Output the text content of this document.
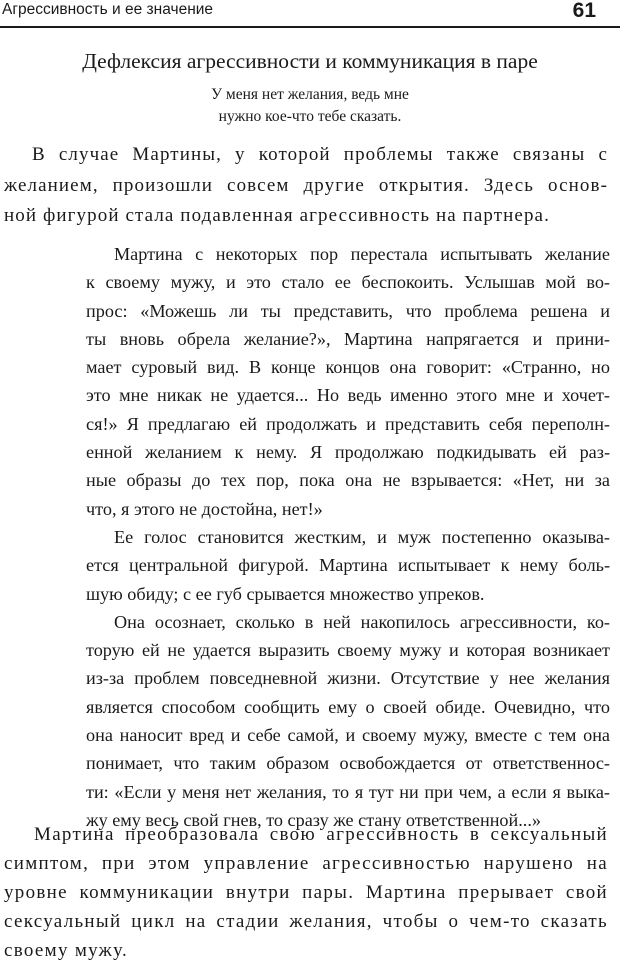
Агрессивность и ее значение	61
Дефлексия агрессивности и коммуникация в паре
У меня нет желания, ведь мне
нужно кое-что тебе сказать.
В случае Мартины, у которой проблемы также связаны с
желанием, произошли совсем другие открытия. Здесь основ-
ной фигурой стала подавленная агрессивность на партнера.
Мартина с некоторых пор перестала испытывать желание
к своему мужу, и это стало ее беспокоить. Услышав мой во-
прос: «Можешь ли ты представить, что проблема решена и
ты вновь обрела желание?», Мартина напрягается и прини-
мает суровый вид. В конце концов она говорит: «Странно, но
это мне никак не удается... Но ведь именно этого мне и хочет-
ся!» Я предлагаю ей продолжать и представить себя переполн-
енной желанием к нему. Я продолжаю подкидывать ей раз-
ные образы до тех пор, пока она не взрывается: «Нет, ни за
что, я этого не достойна, нет!»
Ее голос становится жестким, и муж постепенно оказыва-
ется центральной фигурой. Мартина испытывает к нему боль-
шую обиду; с ее губ срывается множество упреков.
Она осознает, сколько в ней накопилось агрессивности, ко-
торую ей не удается выразить своему мужу и которая возникает
из-за проблем повседневной жизни. Отсутствие у нее желания
является способом сообщить ему о своей обиде. Очевидно, что
она наносит вред и себе самой, и своему мужу, вместе с тем она
понимает, что таким образом освобождается от ответственнос-
ти: «Если у меня нет желания, то я тут ни при чем, а если я выка-
жу ему весь свой гнев, то сразу же стану ответственной...»
Мартина преобразовала свою агрессивность в сексуальный
симптом, при этом управление агрессивностью нарушено на
уровне коммуникации внутри пары. Мартина прерывает свой
сексуальный цикл на стадии желания, чтобы о чем-то сказать
своему мужу.
